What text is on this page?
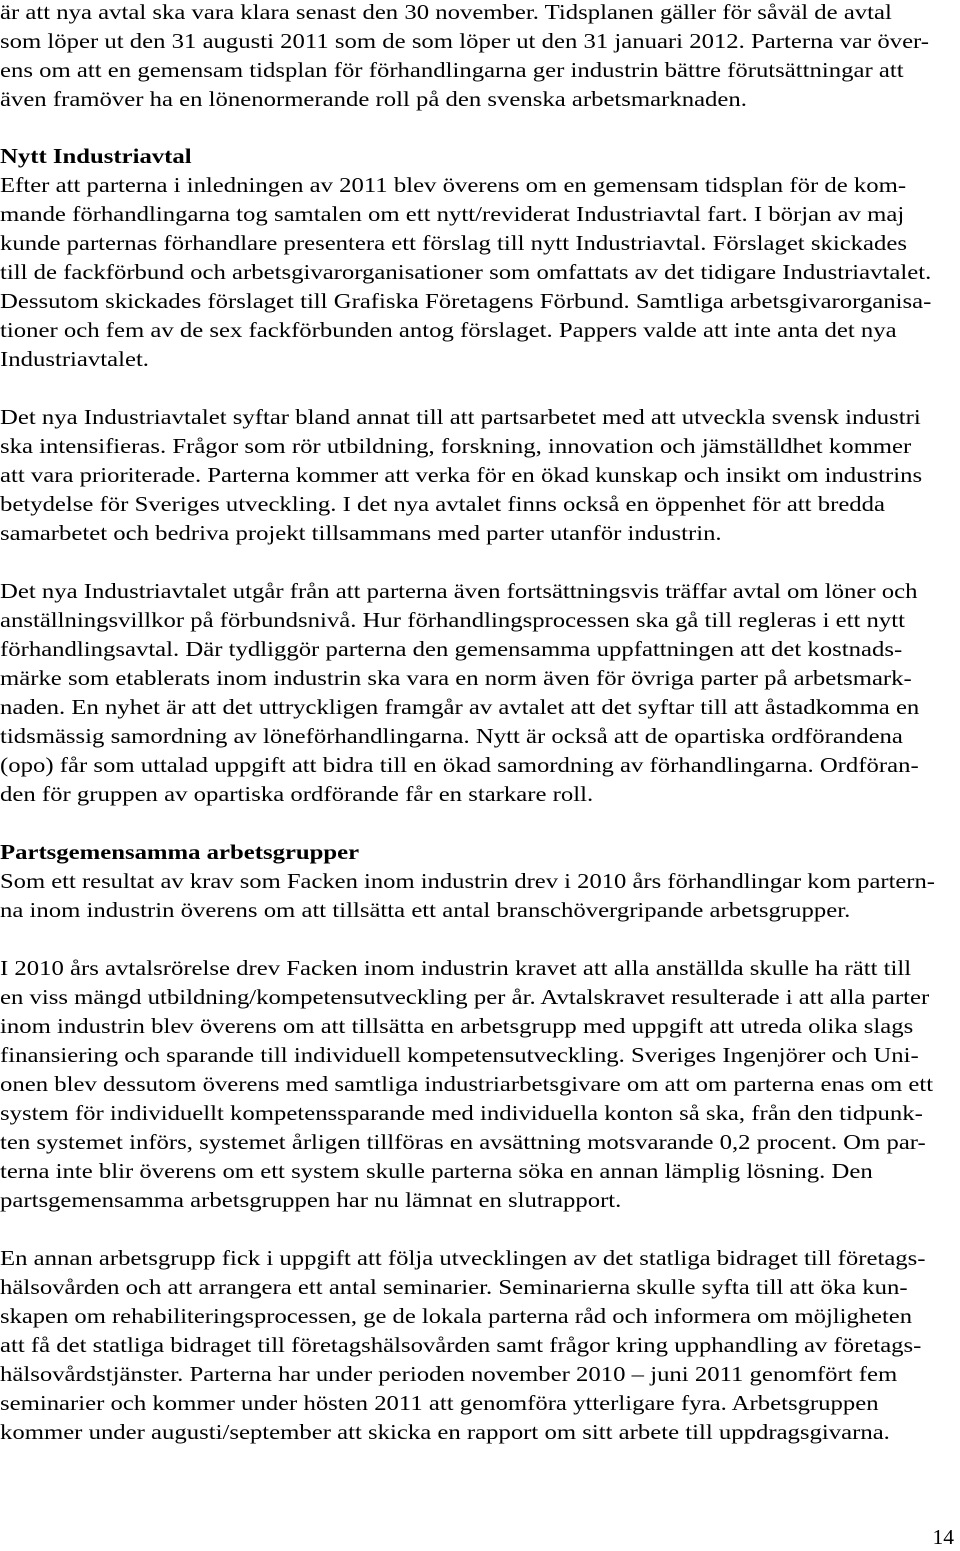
är att nya avtal ska vara klara senast den 30 november. Tidsplanen gäller för såväl de avtal
som löper ut den 31 augusti 2011 som de som löper ut den 31 januari 2012. Parterna var över-
ens om att en gemensam tidsplan för förhandlingarna ger industrin bättre förutsättningar att
även framöver ha en lönenormerande roll på den svenska arbetsmarknaden.
Nytt Industriavtal
Efter att parterna i inledningen av 2011 blev överens om en gemensam tidsplan för de kom-
mande förhandlingarna tog samtalen om ett nytt/reviderat Industriavtal fart. I början av maj
kunde parternas förhandlare presentera ett förslag till nytt Industriavtal. Förslaget skickades
till de fackförbund och arbetsgivarorganisationer som omfattats av det tidigare Industriavtalet.
Dessutom skickades förslaget till Grafiska Företagens Förbund. Samtliga arbetsgivarorganisa-
tioner och fem av de sex fackförbunden antog förslaget. Pappers valde att inte anta det nya
Industriavtalet.
Det nya Industriavtalet syftar bland annat till att partsarbetet med att utveckla svensk industri
ska intensifieras. Frågor som rör utbildning, forskning, innovation och jämställdhet kommer
att vara prioriterade. Parterna kommer att verka för en ökad kunskap och insikt om industrins
betydelse för Sveriges utveckling. I det nya avtalet finns också en öppenhet för att bredda
samarbetet och bedriva projekt tillsammans med parter utanför industrin.
Det nya Industriavtalet utgår från att parterna även fortsättningsvis träffar avtal om löner och
anställningsvillkor på förbundsnivå. Hur förhandlingsprocessen ska gå till regleras i ett nytt
förhandlingsavtal. Där tydliggör parterna den gemensamma uppfattningen att det kostnads-
märke som etablerats inom industrin ska vara en norm även för övriga parter på arbetsmark-
naden. En nyhet är att det uttryckligen framgår av avtalet att det syftar till att åstadkomma en
tidsmässig samordning av löneförhandlingarna. Nytt är också att de opartiska ordförandena
(opo) får som uttalad uppgift att bidra till en ökad samordning av förhandlingarna. Ordföran-
den för gruppen av opartiska ordförande får en starkare roll.
Partsgemensamma arbetsgrupper
Som ett resultat av krav som Facken inom industrin drev i 2010 års förhandlingar kom partern-
na inom industrin överens om att tillsätta ett antal branschövergripande arbetsgrupper.
I 2010 års avtalsrörelse drev Facken inom industrin kravet att alla anställda skulle ha rätt till
en viss mängd utbildning/kompetensutveckling per år. Avtalskravet resulterade i att alla parter
inom industrin blev överens om att tillsätta en arbetsgrupp med uppgift att utreda olika slags
finansiering och sparande till individuell kompetensutveckling. Sveriges Ingenjörer och Uni-
onen blev dessutom överens med samtliga industriarbetsgivare om att om parterna enas om ett
system för individuellt kompetenssparande med individuella konton så ska, från den tidpunk-
ten systemet införs, systemet årligen tillföras en avsättning motsvarande 0,2 procent. Om par-
terna inte blir överens om ett system skulle parterna söka en annan lämplig lösning. Den
partsgemensamma arbetsgruppen har nu lämnat en slutrapport.
En annan arbetsgrupp fick i uppgift att följa utvecklingen av det statliga bidraget till företags-
hälsovården och att arrangera ett antal seminarier. Seminarierna skulle syfta till att öka kun-
skapen om rehabiliteringsprocessen, ge de lokala parterna råd och informera om möjligheten
att få det statliga bidraget till företagshälsovården samt frågor kring upphandling av företags-
hälsovårdstjänster. Parterna har under perioden november 2010 – juni 2011 genomfört fem
seminarier och kommer under hösten 2011 att genomföra ytterligare fyra. Arbetsgruppen
kommer under augusti/september att skicka en rapport om sitt arbete till uppdragsgivarna.
14
